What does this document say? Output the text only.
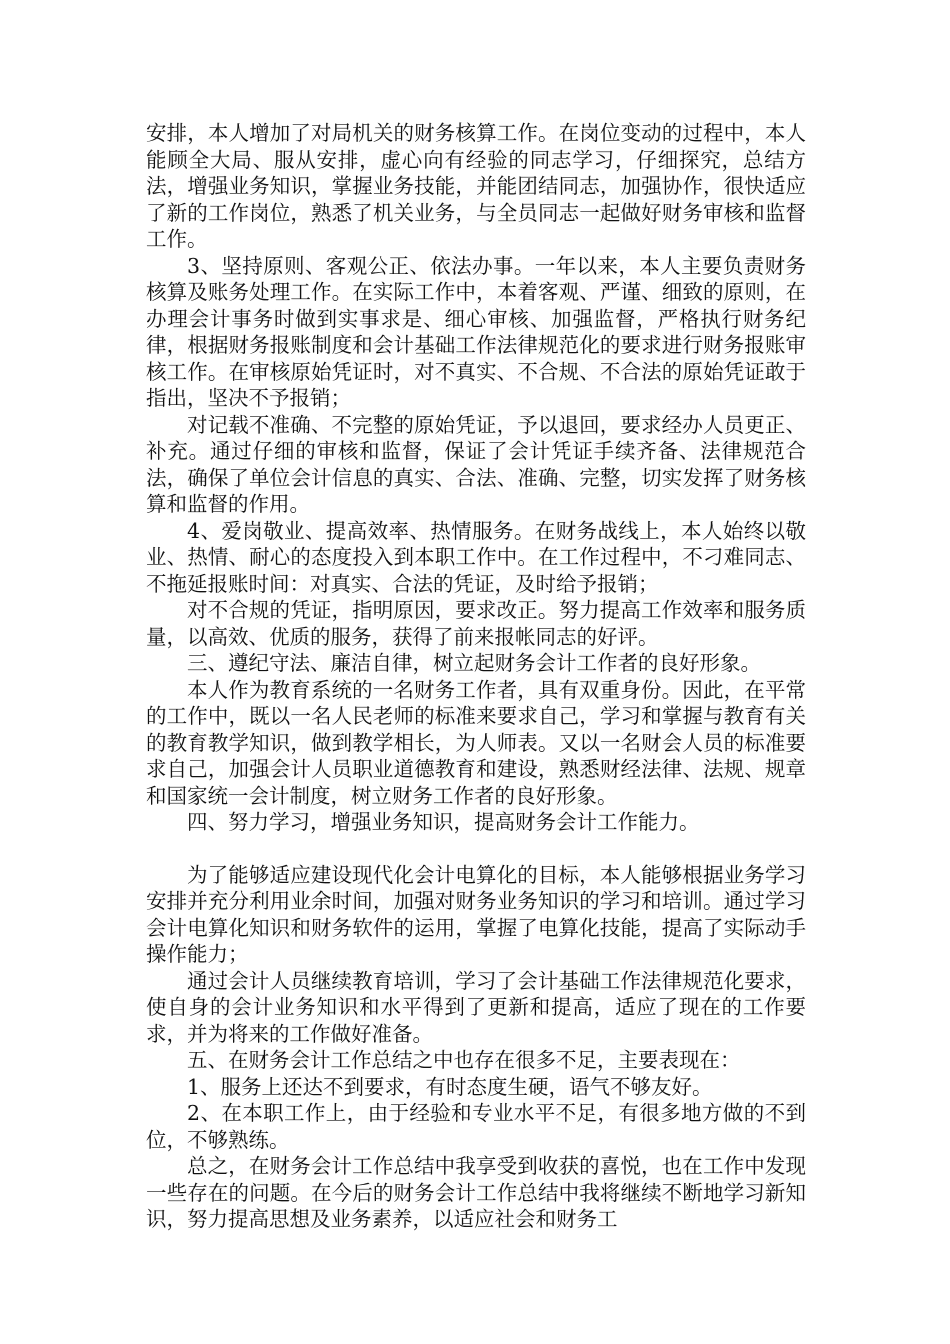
安排，本人增加了对局机关的财务核算工作。在岗位变动的过程中，本人能顾全大局、服从安排，虚心向有经验的同志学习，仔细探究，总结方法，增强业务知识，掌握业务技能，并能团结同志，加强协作，很快适应了新的工作岗位，熟悉了机关业务，与全员同志一起做好财务审核和监督工作。

3、坚持原则、客观公正、依法办事。一年以来，本人主要负责财务核算及账务处理工作。在实际工作中，本着客观、严谨、细致的原则，在办理会计事务时做到实事求是、细心审核、加强监督，严格执行财务纪律，根据财务报账制度和会计基础工作法律规范化的要求进行财务报账审核工作。在审核原始凭证时，对不真实、不合规、不合法的原始凭证敢于指出，坚决不予报销；

对记载不准确、不完整的原始凭证，予以退回，要求经办人员更正、补充。通过仔细的审核和监督，保证了会计凭证手续齐备、法律规范合法，确保了单位会计信息的真实、合法、准确、完整，切实发挥了财务核算和监督的作用。

4、爱岗敬业、提高效率、热情服务。在财务战线上，本人始终以敬业、热情、耐心的态度投入到本职工作中。在工作过程中，不刁难同志、不拖延报账时间：对真实、合法的凭证，及时给予报销；

对不合规的凭证，指明原因，要求改正。努力提高工作效率和服务质量，以高效、优质的服务，获得了前来报帐同志的好评。

三、遵纪守法、廉洁自律，树立起财务会计工作者的良好形象。

本人作为教育系统的一名财务工作者，具有双重身份。因此，在平常的工作中，既以一名人民老师的标准来要求自己，学习和掌握与教育有关的教育教学知识，做到教学相长，为人师表。又以一名财会人员的标准要求自己，加强会计人员职业道德教育和建设，熟悉财经法律、法规、规章和国家统一会计制度，树立财务工作者的良好形象。

四、努力学习，增强业务知识，提高财务会计工作能力。

为了能够适应建设现代化会计电算化的目标，本人能够根据业务学习安排并充分利用业余时间，加强对财务业务知识的学习和培训。通过学习会计电算化知识和财务软件的运用，掌握了电算化技能，提高了实际动手操作能力；

通过会计人员继续教育培训，学习了会计基础工作法律规范化要求，使自身的会计业务知识和水平得到了更新和提高，适应了现在的工作要求，并为将来的工作做好准备。

五、在财务会计工作总结之中也存在很多不足，主要表现在：

1、服务上还达不到要求，有时态度生硬，语气不够友好。

2、在本职工作上，由于经验和专业水平不足，有很多地方做的不到位，不够熟练。

总之，在财务会计工作总结中我享受到收获的喜悦，也在工作中发现一些存在的问题。在今后的财务会计工作总结中我将继续不断地学习新知识，努力提高思想及业务素养，以适应社会和财务工
